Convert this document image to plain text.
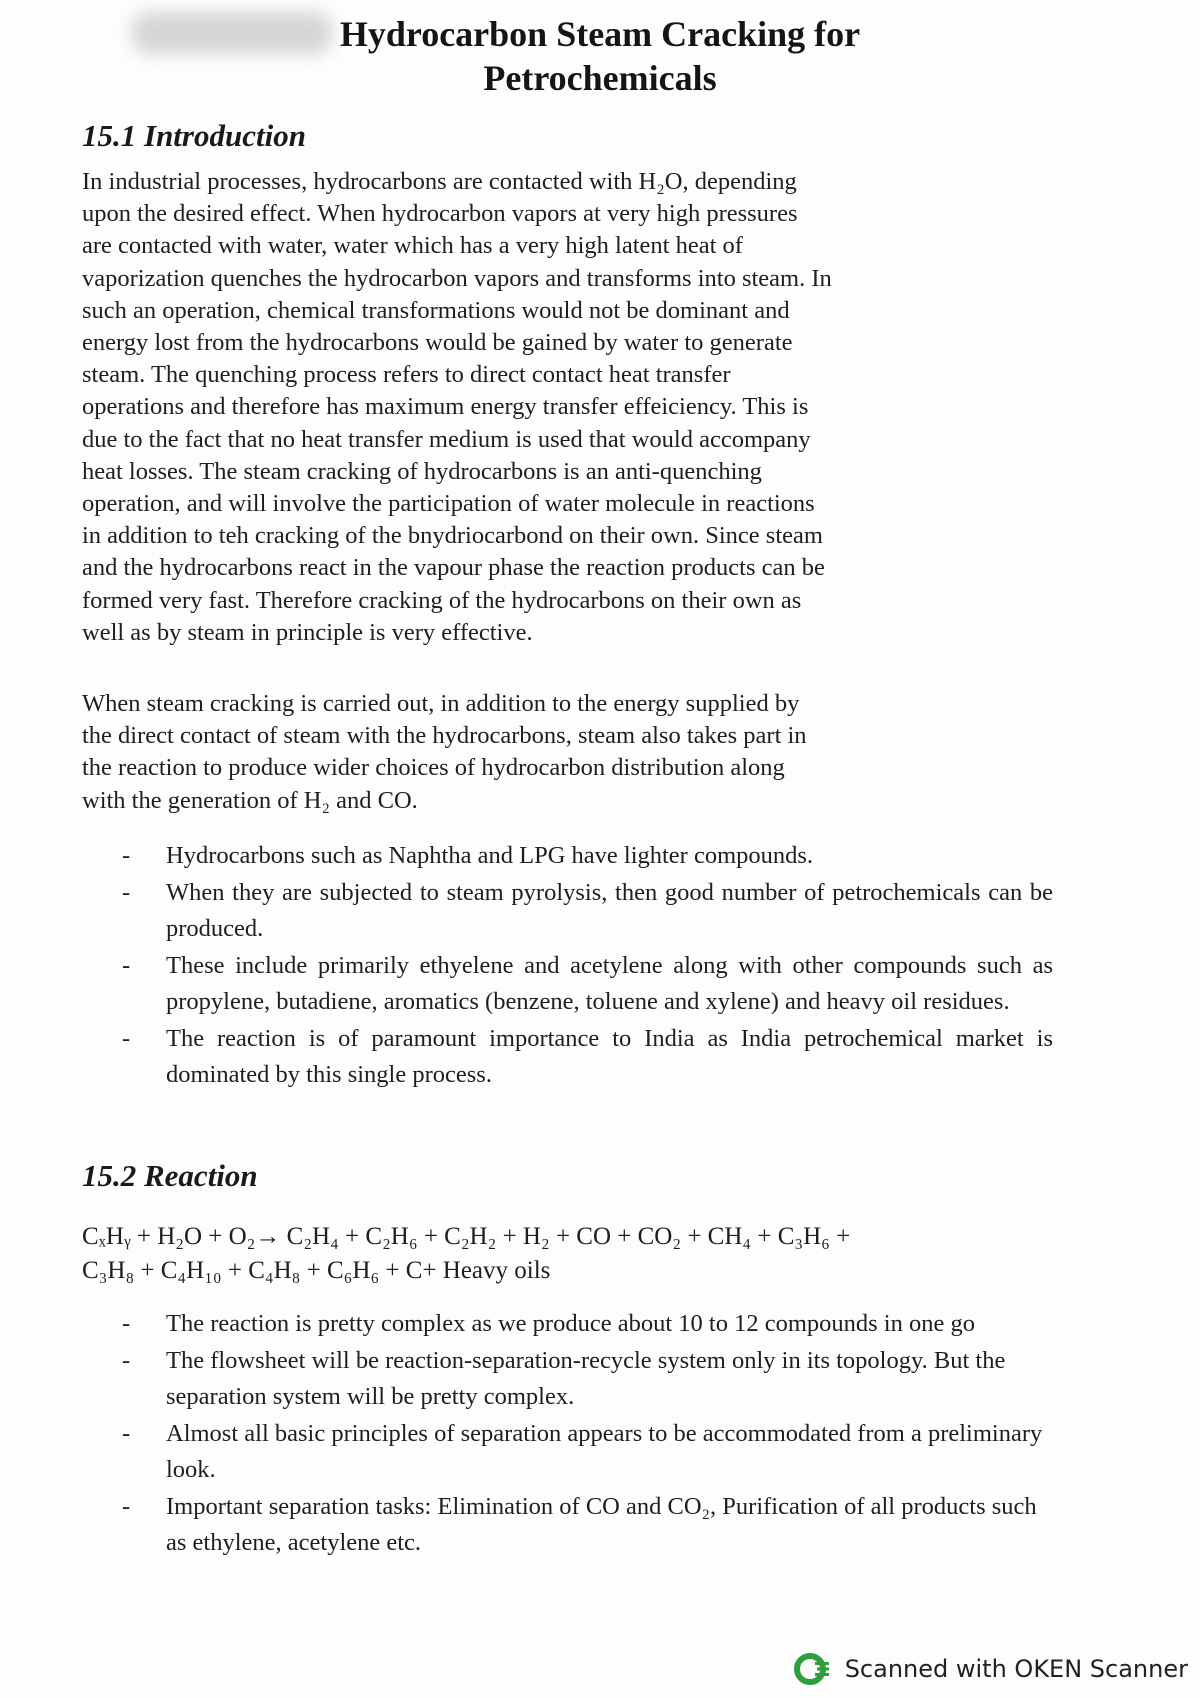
Hydrocarbon Steam Cracking for
Petrochemicals
15.1 Introduction
In industrial processes, hydrocarbons are contacted with H₂O, depending
upon the desired effect. When hydrocarbon vapors at very high pressures
are contacted with water, water which has a very high latent heat of
vaporization quenches the hydrocarbon vapors and transforms into steam. In
such an operation, chemical transformations would not be dominant and
energy lost from the hydrocarbons would be gained by water to generate
steam. The quenching process refers to direct contact heat transfer
operations and therefore has maximum energy transfer effeiciency. This is
due to the fact that no heat transfer medium is used that would accompany
heat losses. The steam cracking of hydrocarbons is an anti-quenching
operation, and will involve the participation of water molecule in reactions
in addition to teh cracking of the bnydriocarbond on their own. Since steam
and the hydrocarbons react in the vapour phase the reaction products can be
formed very fast. Therefore cracking of the hydrocarbons on their own as
well as by steam in principle is very effective.
When steam cracking is carried out, in addition to the energy supplied by
the direct contact of steam with the hydrocarbons, steam also takes part in
the reaction to produce wider choices of hydrocarbon distribution along
with the generation of H₂ and CO.
- Hydrocarbons such as Naphtha and LPG have lighter compounds.
- When they are subjected to steam pyrolysis, then good number of petrochemicals can be produced.
- These include primarily ethyelene and acetylene along with other compounds such as propylene, butadiene, aromatics (benzene, toluene and xylene) and heavy oil residues.
- The reaction is of paramount importance to India as India petrochemical market is dominated by this single process.
15.2 Reaction
CₓHᵧ + H₂O + O₂→ C₂H₄ + C₂H₆ + C₂H₂ + H₂ + CO + CO₂ + CH₄ + C₃H₆ +
C₃H₈ + C₄H₁₀ + C₄H₈ + C₆H₆ + C+ Heavy oils
- The reaction is pretty complex as we produce about 10 to 12 compounds in one go
- The flowsheet will be reaction-separation-recycle system only in its topology. But the separation system will be pretty complex.
- Almost all basic principles of separation appears to be accommodated from a preliminary look.
- Important separation tasks: Elimination of CO and CO₂, Purification of all products such as ethylene, acetylene etc.
Scanned with OKEN Scanner
